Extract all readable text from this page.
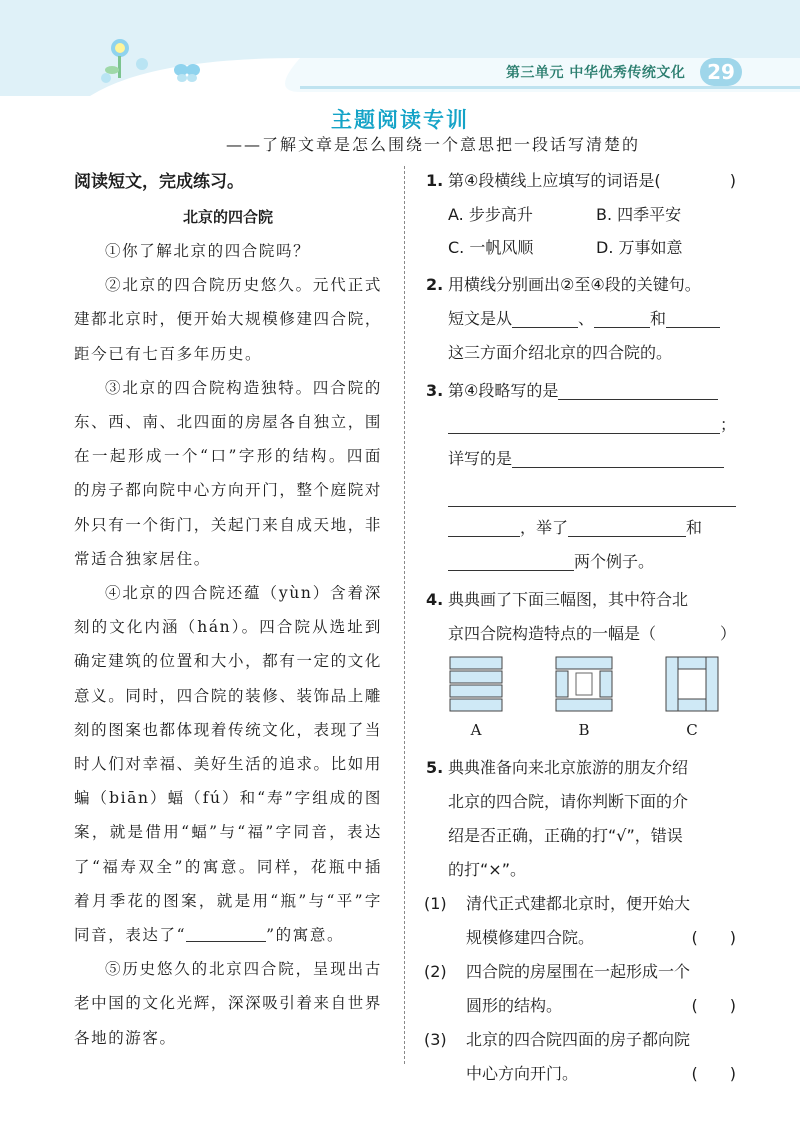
第三单元 中华优秀传统文化	29
主题阅读专训
——了解文章是怎么围绕一个意思把一段话写清楚的
阅读短文，完成练习。
北京的四合院

①你了解北京的四合院吗？

②北京的四合院历史悠久。元代正式建都北京时，便开始大规模修建四合院，距今已有七百多年历史。

③北京的四合院构造独特。四合院的东、西、南、北四面的房屋各自独立，围在一起形成一个“口”字形的结构。四面的房子都向院中心方向开门，整个庭院对外只有一个街门，关起门来自成天地，非常适合独家居住。

④北京的四合院还蕴（yùn）含着深刻的文化内涵（hán）。四合院从选址到确定建筑的位置和大小，都有一定的文化意义。同时，四合院的装修、装饰品上雕刻的图案也都体现着传统文化，表现了当时人们对幸福、美好生活的追求。比如用蝙（biān）蝠（fú）和“寿”字组成的图案，就是借用“蝠”与“福”字同音，表达了“福寿双全”的寓意。同样，花瓶中插着月季花的图案，就是用“瓶”与“平”字同音，表达了“	”的寓意。

⑤历史悠久的北京四合院，呈现出古老中国的文化光辉，深深吸引着来自世界各地的游客。

1. 第④段横线上应填写的词语是(	)
A. 步步高升	B. 四季平安
C. 一帆风顺	D. 万事如意
2. 用横线分别画出②至④段的关键句。
短文是从	、	和
这三方面介绍北京的四合院的。
3. 第④段略写的是
；
详写的是
，举了	和
两个例子。
4. 典典画了下面三幅图，其中符合北
京四合院构造特点的一幅是（	）
A	B	C
5. 典典准备向来北京旅游的朋友介绍
北京的四合院，请你判断下面的介
绍是否正确，正确的打“√”，错误
的打“×”。
(1) 清代正式建都北京时，便开始大
规模修建四合院。	(　　)
(2) 四合院的房屋围在一起形成一个
圆形的结构。	(　　)
(3) 北京的四合院四面的房子都向院
中心方向开门。	(　　)
